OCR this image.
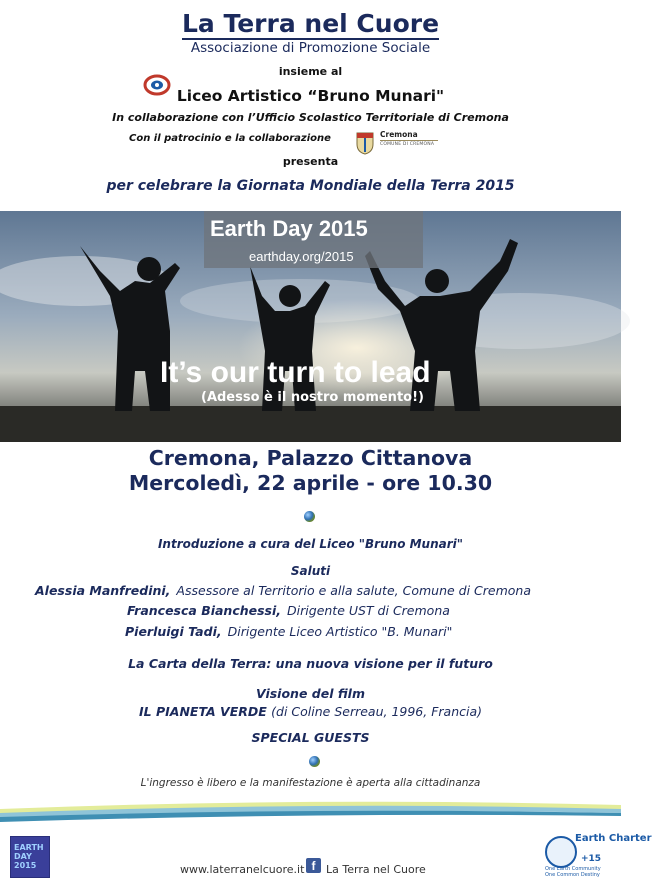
La Terra nel Cuore
Associazione di Promozione Sociale
insieme al
Liceo Artistico “Bruno Munari"
In collaborazione con l’Ufficio Scolastico Territoriale di Cremona
Con il patrocinio e la collaborazione	Cremona
COMUNE DI CREMONA
presenta
per celebrare la Giornata Mondiale della Terra 2015
Earth Day 2015
earthday.org/2015
It’s our turn to lead
(Adesso è il nostro momento!)
Cremona, Palazzo Cittanova
Mercoledì, 22 aprile - ore 10.30
Introduzione a cura del Liceo "Bruno Munari"
Saluti
Alessia Manfredini, Assessore al Territorio e alla salute, Comune di Cremona
Francesca Bianchessi, Dirigente UST di Cremona
Pierluigi Tadi, Dirigente Liceo Artistico "B. Munari"
La Carta della Terra: una nuova visione per il futuro
Visione del film
IL PIANETA VERDE (di Coline Serreau, 1996, Francia)
SPECIAL GUESTS
L'ingresso è libero e la manifestazione è aperta alla cittadinanza
EARTH DAY 2015	www.laterranelcuore.it f La Terra nel Cuore
Earth Charter
+15
One Earth Community
One Common Destiny
